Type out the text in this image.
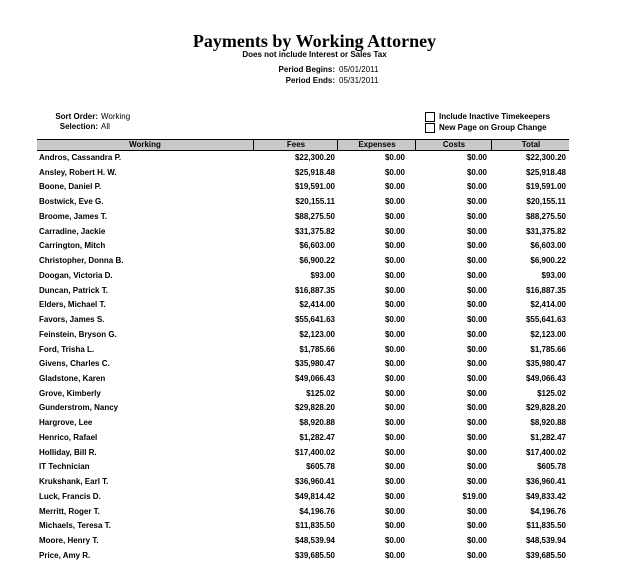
Payments by Working Attorney
Does not include Interest or Sales Tax
Period Begins:
Period Ends:
05/01/2011
05/31/2011
Sort Order: Working
Selection: All
Include Inactive Timekeepers
New Page on Group Change
Working	Fees	Expenses	Costs	Total
Andros, Cassandra P.	$22,300.20	$0.00	$0.00	$22,300.20
Ansley, Robert H. W.	$25,918.48	$0.00	$0.00	$25,918.48
Boone, Daniel P.	$19,591.00	$0.00	$0.00	$19,591.00
Bostwick, Eve G.	$20,155.11	$0.00	$0.00	$20,155.11
Broome, James T.	$88,275.50	$0.00	$0.00	$88,275.50
Carradine, Jackie	$31,375.82	$0.00	$0.00	$31,375.82
Carrington, Mitch	$6,603.00	$0.00	$0.00	$6,603.00
Christopher, Donna B.	$6,900.22	$0.00	$0.00	$6,900.22
Doogan, Victoria D.	$93.00	$0.00	$0.00	$93.00
Duncan, Patrick T.	$16,887.35	$0.00	$0.00	$16,887.35
Elders, Michael T.	$2,414.00	$0.00	$0.00	$2,414.00
Favors, James S.	$55,641.63	$0.00	$0.00	$55,641.63
Feinstein, Bryson G.	$2,123.00	$0.00	$0.00	$2,123.00
Ford, Trisha L.	$1,785.66	$0.00	$0.00	$1,785.66
Givens, Charles C.	$35,980.47	$0.00	$0.00	$35,980.47
Gladstone, Karen	$49,066.43	$0.00	$0.00	$49,066.43
Grove, Kimberly	$125.02	$0.00	$0.00	$125.02
Gunderstrom, Nancy	$29,828.20	$0.00	$0.00	$29,828.20
Hargrove, Lee	$8,920.88	$0.00	$0.00	$8,920.88
Henrico, Rafael	$1,282.47	$0.00	$0.00	$1,282.47
Holliday, Bill R.	$17,400.02	$0.00	$0.00	$17,400.02
IT Technician	$605.78	$0.00	$0.00	$605.78
Krukshank, Earl T.	$36,960.41	$0.00	$0.00	$36,960.41
Luck, Francis D.	$49,814.42	$0.00	$19.00	$49,833.42
Merritt, Roger T.	$4,196.76	$0.00	$0.00	$4,196.76
Michaels, Teresa T.	$11,835.50	$0.00	$0.00	$11,835.50
Moore, Henry T.	$48,539.94	$0.00	$0.00	$48,539.94
Price, Amy R.	$39,685.50	$0.00	$0.00	$39,685.50
